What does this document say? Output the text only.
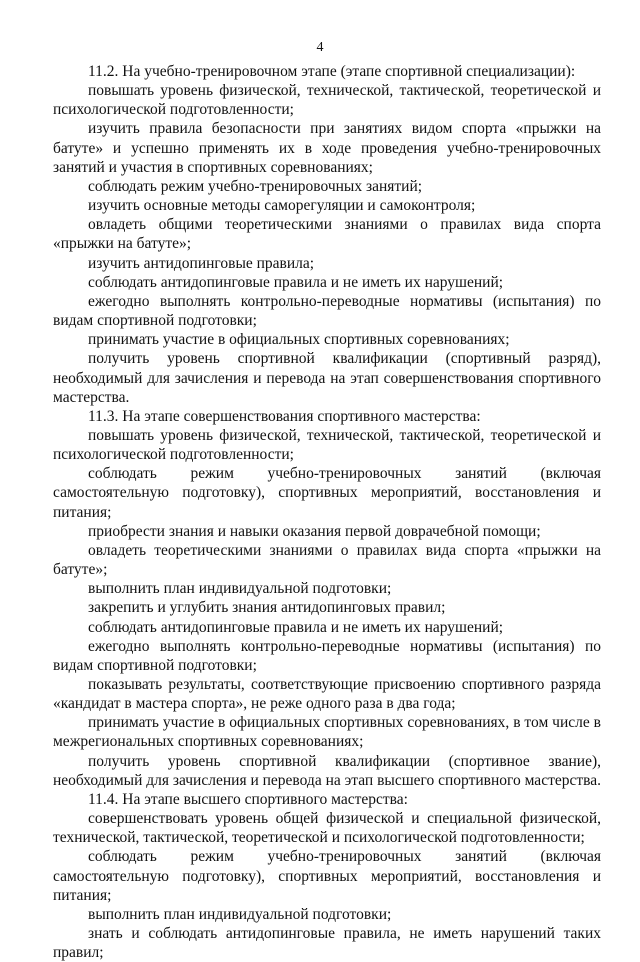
4

11.2. На учебно-тренировочном этапе (этапе спортивной специализации):

повышать уровень физической, технической, тактической, теоретической и психологической подготовленности;

изучить правила безопасности при занятиях видом спорта «прыжки на батуте» и успешно применять их в ходе проведения учебно-тренировочных занятий и участия в спортивных соревнованиях;

соблюдать режим учебно-тренировочных занятий;

изучить основные методы саморегуляции и самоконтроля;

овладеть общими теоретическими знаниями о правилах вида спорта «прыжки на батуте»;

изучить антидопинговые правила;

соблюдать антидопинговые правила и не иметь их нарушений;

ежегодно выполнять контрольно-переводные нормативы (испытания) по видам спортивной подготовки;

принимать участие в официальных спортивных соревнованиях;

получить уровень спортивной квалификации (спортивный разряд), необходимый для зачисления и перевода на этап совершенствования спортивного мастерства.

11.3. На этапе совершенствования спортивного мастерства:

повышать уровень физической, технической, тактической, теоретической и психологической подготовленности;

соблюдать режим учебно-тренировочных занятий (включая самостоятельную подготовку), спортивных мероприятий, восстановления и питания;

приобрести знания и навыки оказания первой доврачебной помощи;

овладеть теоретическими знаниями о правилах вида спорта «прыжки на батуте»;

выполнить план индивидуальной подготовки;

закрепить и углубить знания антидопинговых правил;

соблюдать антидопинговые правила и не иметь их нарушений;

ежегодно выполнять контрольно-переводные нормативы (испытания) по видам спортивной подготовки;

показывать результаты, соответствующие присвоению спортивного разряда «кандидат в мастера спорта», не реже одного раза в два года;

принимать участие в официальных спортивных соревнованиях, в том числе в межрегиональных спортивных соревнованиях;

получить уровень спортивной квалификации (спортивное звание), необходимый для зачисления и перевода на этап высшего спортивного мастерства.

11.4. На этапе высшего спортивного мастерства:

совершенствовать уровень общей физической и специальной физической, технической, тактической, теоретической и психологической подготовленности;

соблюдать режим учебно-тренировочных занятий (включая самостоятельную подготовку), спортивных мероприятий, восстановления и питания;

выполнить план индивидуальной подготовки;

знать и соблюдать антидопинговые правила, не иметь нарушений таких правил;
